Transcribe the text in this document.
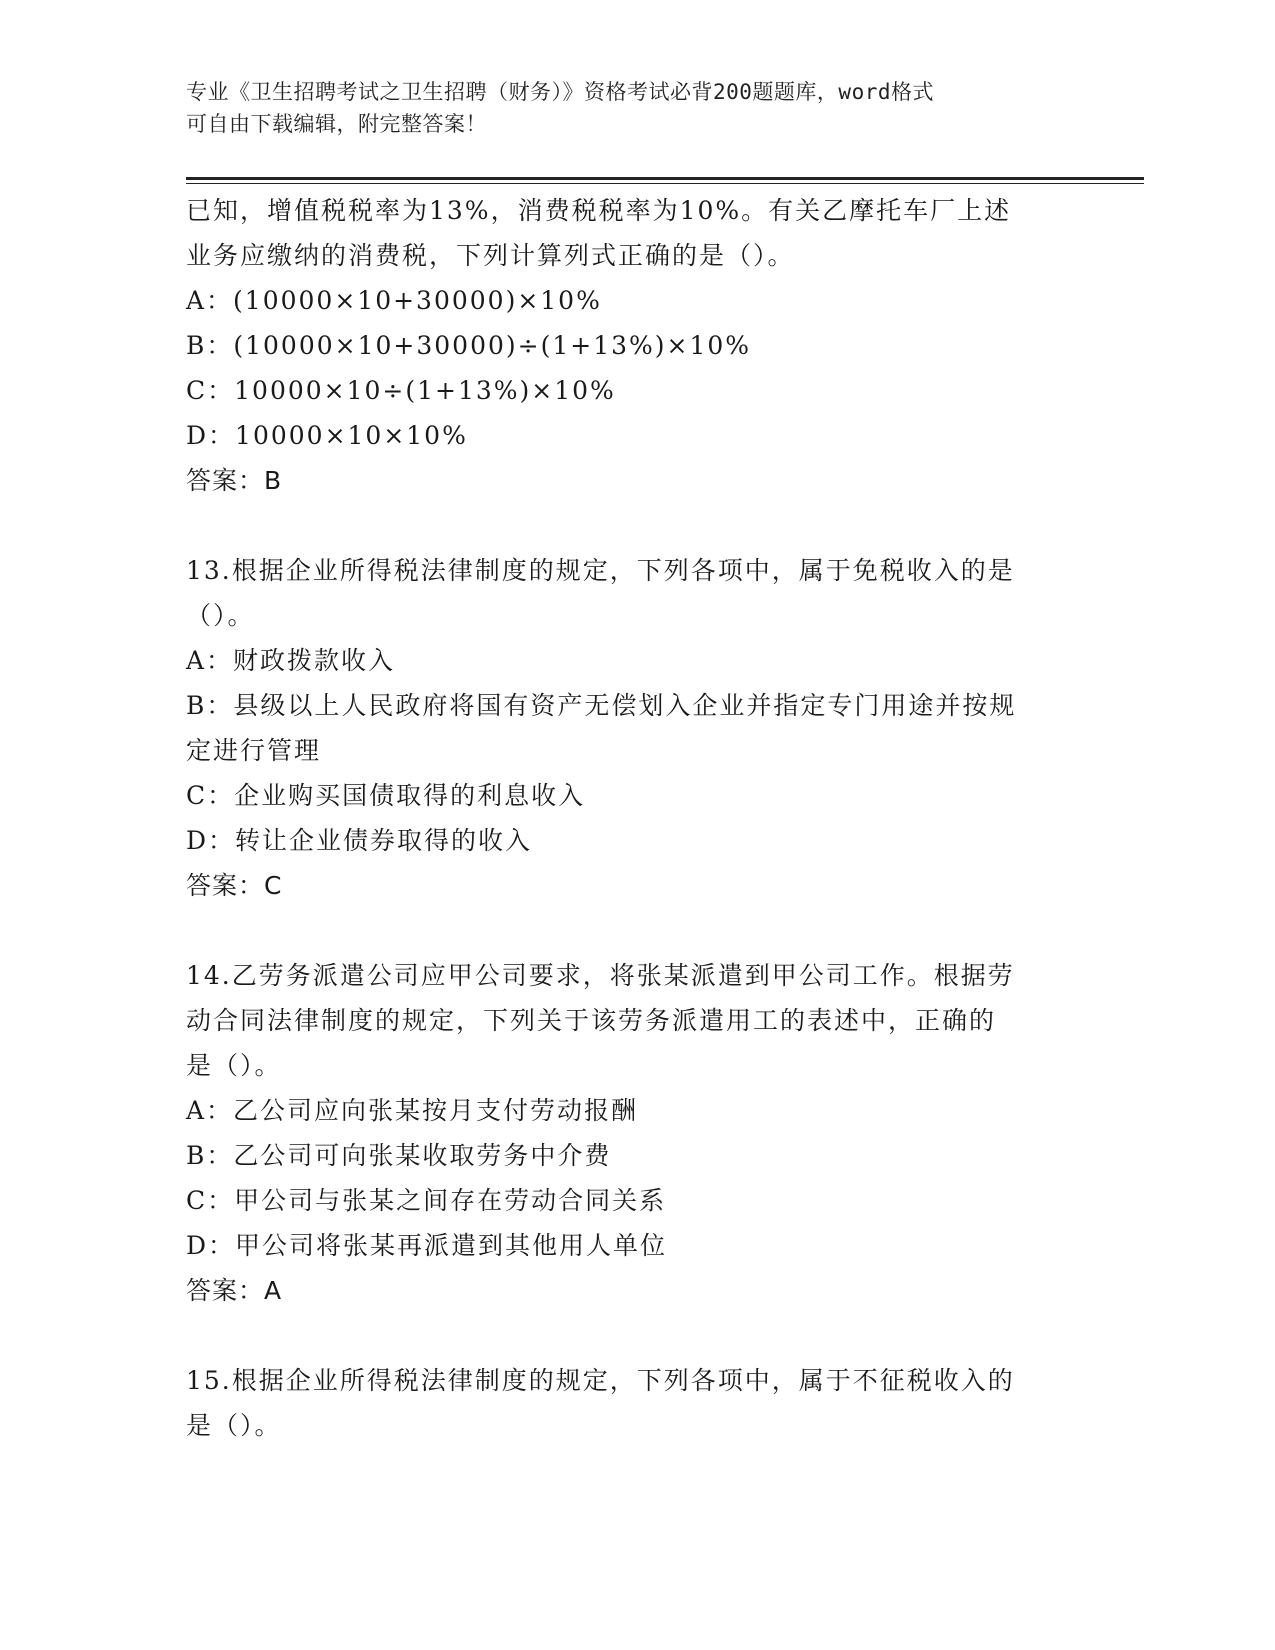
专业《卫生招聘考试之卫生招聘（财务）》资格考试必背200题题库，word格式
可自由下载编辑，附完整答案！

已知，增值税税率为13%，消费税税率为10%。有关乙摩托车厂上述

业务应缴纳的消费税，下列计算列式正确的是（）。

A：(10000×10+30000)×10%

B：(10000×10+30000)÷(1+13%)×10%

C：10000×10÷(1+13%)×10%

D：10000×10×10%

答案：B

13.根据企业所得税法律制度的规定，下列各项中，属于免税收入的是

（）。

A：财政拨款收入

B：县级以上人民政府将国有资产无偿划入企业并指定专门用途并按规

定进行管理

C：企业购买国债取得的利息收入

D：转让企业债券取得的收入

答案：C

14.乙劳务派遣公司应甲公司要求，将张某派遣到甲公司工作。根据劳

动合同法律制度的规定，下列关于该劳务派遣用工的表述中，正确的

是（）。

A：乙公司应向张某按月支付劳动报酬

B：乙公司可向张某收取劳务中介费

C：甲公司与张某之间存在劳动合同关系

D：甲公司将张某再派遣到其他用人单位

答案：A

15.根据企业所得税法律制度的规定，下列各项中，属于不征税收入的

是（）。
